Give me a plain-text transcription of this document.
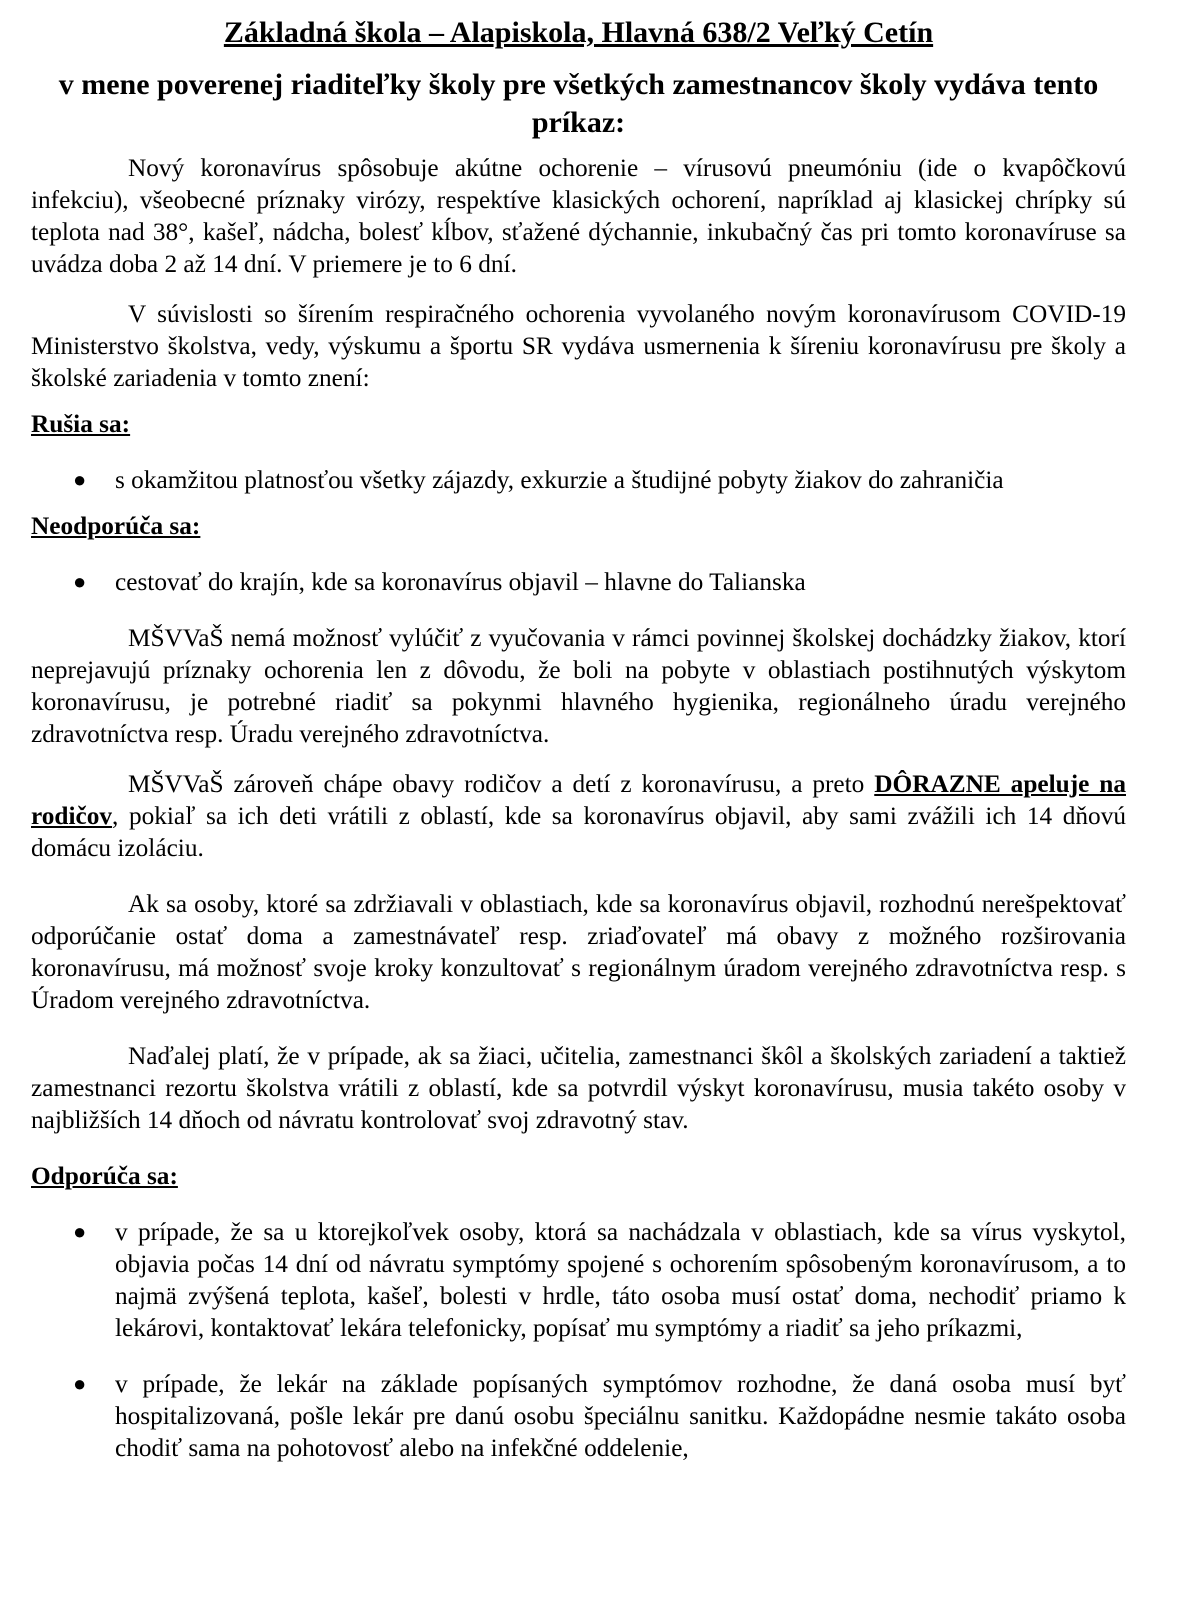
Základná škola – Alapiskola, Hlavná 638/2 Veľký Cetín
v mene poverenej riaditeľky školy pre všetkých zamestnancov školy vydáva tento príkaz:

Nový koronavírus spôsobuje akútne ochorenie – vírusovú pneumóniu (ide o kvapôčkovú infekciu), všeobecné príznaky virózy, respektíve klasických ochorení, napríklad aj klasickej chrípky sú teplota nad 38°, kašeľ, nádcha, bolesť kĺbov, sťažené dýchannie, inkubačný čas pri tomto koronavíruse sa uvádza doba 2 až 14 dní. V priemere je to 6 dní.

V súvislosti so šírením respiračného ochorenia vyvolaného novým koronavírusom COVID-19 Ministerstvo školstva, vedy, výskumu a športu SR vydáva usmernenia k šíreniu koronavírusu pre školy a školské zariadenia v tomto znení:

Rušia sa:
● s okamžitou platnosťou všetky zájazdy, exkurzie a študijné pobyty žiakov do zahraničia
Neodporúča sa:
● cestovať do krajín, kde sa koronavírus objavil – hlavne do Talianska

MŠVVaŠ nemá možnosť vylúčiť z vyučovania v rámci povinnej školskej dochádzky žiakov, ktorí neprejavujú príznaky ochorenia len z dôvodu, že boli na pobyte v oblastiach postihnutých výskytom koronavírusu, je potrebné riadiť sa pokynmi hlavného hygienika, regionálneho úradu verejného zdravotníctva resp. Úradu verejného zdravotníctva.

MŠVVaŠ zároveň chápe obavy rodičov a detí z koronavírusu, a preto DÔRAZNE apeluje na rodičov, pokiaľ sa ich deti vrátili z oblastí, kde sa koronavírus objavil, aby sami zvážili ich 14 dňovú domácu izoláciu.

Ak sa osoby, ktoré sa zdržiavali v oblastiach, kde sa koronavírus objavil, rozhodnú nerešpektovať odporúčanie ostať doma a zamestnávateľ resp. zriaďovateľ má obavy z možného rozširovania koronavírusu, má možnosť svoje kroky konzultovať s regionálnym úradom verejného zdravotníctva resp. s Úradom verejného zdravotníctva.

Naďalej platí, že v prípade, ak sa žiaci, učitelia, zamestnanci škôl a školských zariadení a taktiež zamestnanci rezortu školstva vrátili z oblastí, kde sa potvrdil výskyt koronavírusu, musia takéto osoby v najbližších 14 dňoch od návratu kontrolovať svoj zdravotný stav.

Odporúča sa:
● v prípade, že sa u ktorejkoľvek osoby, ktorá sa nachádzala v oblastiach, kde sa vírus vyskytol, objavia počas 14 dní od návratu symptómy spojené s ochorením spôsobeným koronavírusom, a to najmä zvýšená teplota, kašeľ, bolesti v hrdle, táto osoba musí ostať doma, nechodiť priamo k lekárovi, kontaktovať lekára telefonicky, popísať mu symptómy a riadiť sa jeho príkazmi,
● v prípade, že lekár na základe popísaných symptómov rozhodne, že daná osoba musí byť hospitalizovaná, pošle lekár pre danú osobu špeciálnu sanitku. Každopádne nesmie takáto osoba chodiť sama na pohotovosť alebo na infekčné oddelenie,
